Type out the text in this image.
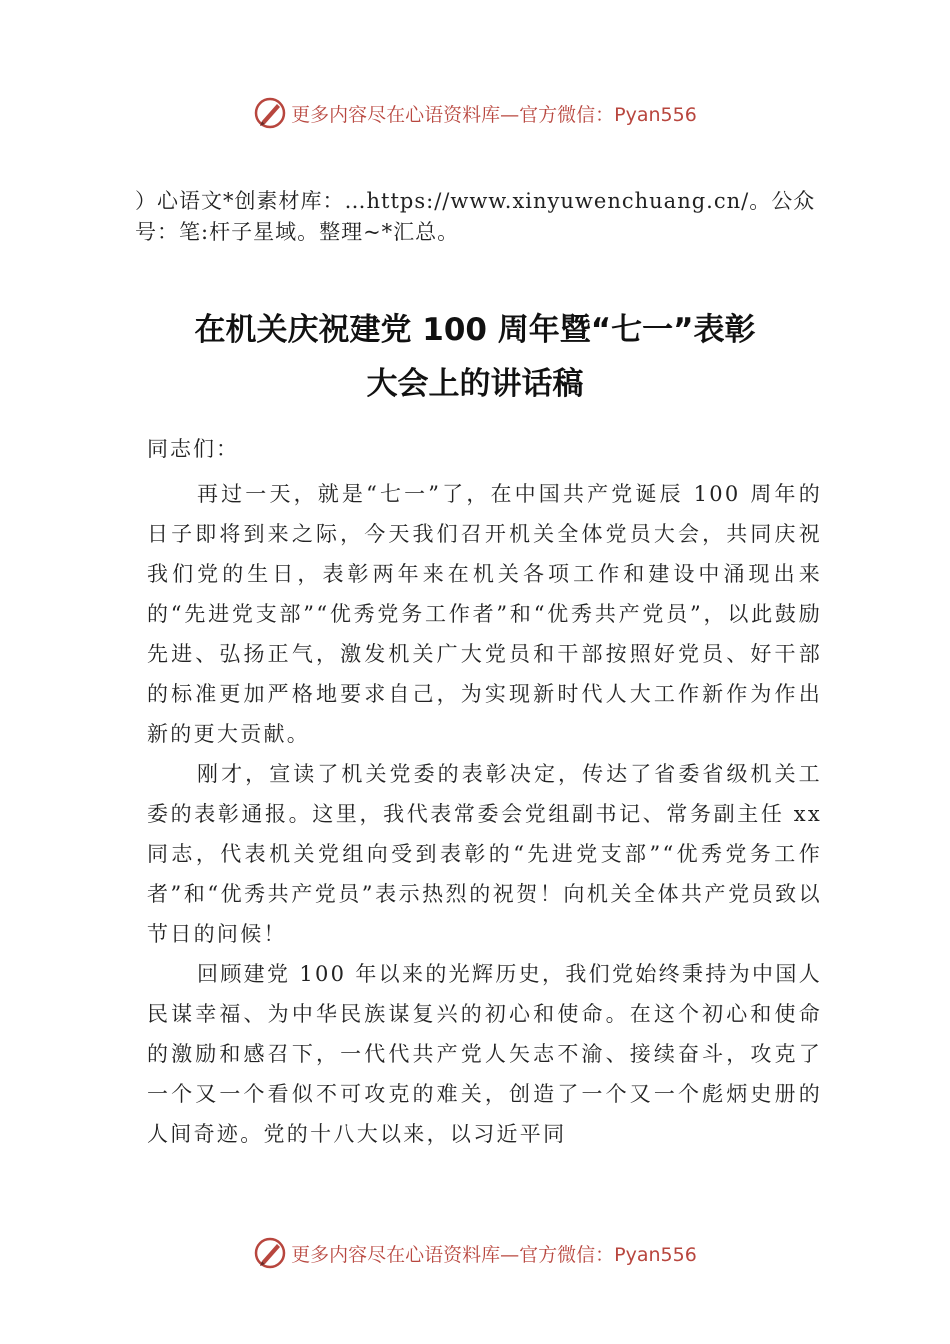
更多内容尽在心语资料库—官方微信：Pyan556
）心语文*创素材库：…https://www.xinyuwenchuang.cn/。公众号：笔:杆子星域。整理~*汇总。
在机关庆祝建党 100 周年暨“七一”表彰
大会上的讲话稿
同志们：

再过一天，就是“七一”了，在中国共产党诞辰 100 周年的日子即将到来之际，今天我们召开机关全体党员大会，共同庆祝我们党的生日，表彰两年来在机关各项工作和建设中涌现出来的“先进党支部”“优秀党务工作者”和“优秀共产党员”，以此鼓励先进、弘扬正气，激发机关广大党员和干部按照好党员、好干部的标准更加严格地要求自己，为实现新时代人大工作新作为作出新的更大贡献。

刚才，宣读了机关党委的表彰决定，传达了省委省级机关工委的表彰通报。这里，我代表常委会党组副书记、常务副主任 xx 同志，代表机关党组向受到表彰的“先进党支部”“优秀党务工作者”和“优秀共产党员”表示热烈的祝贺！向机关全体共产党员致以节日的问候！

回顾建党 100 年以来的光辉历史，我们党始终秉持为中国人民谋幸福、为中华民族谋复兴的初心和使命。在这个初心和使命的激励和感召下，一代代共产党人矢志不渝、接续奋斗，攻克了一个又一个看似不可攻克的难关，创造了一个又一个彪炳史册的人间奇迹。党的十八大以来，以习近平同

更多内容尽在心语资料库—官方微信：Pyan556
